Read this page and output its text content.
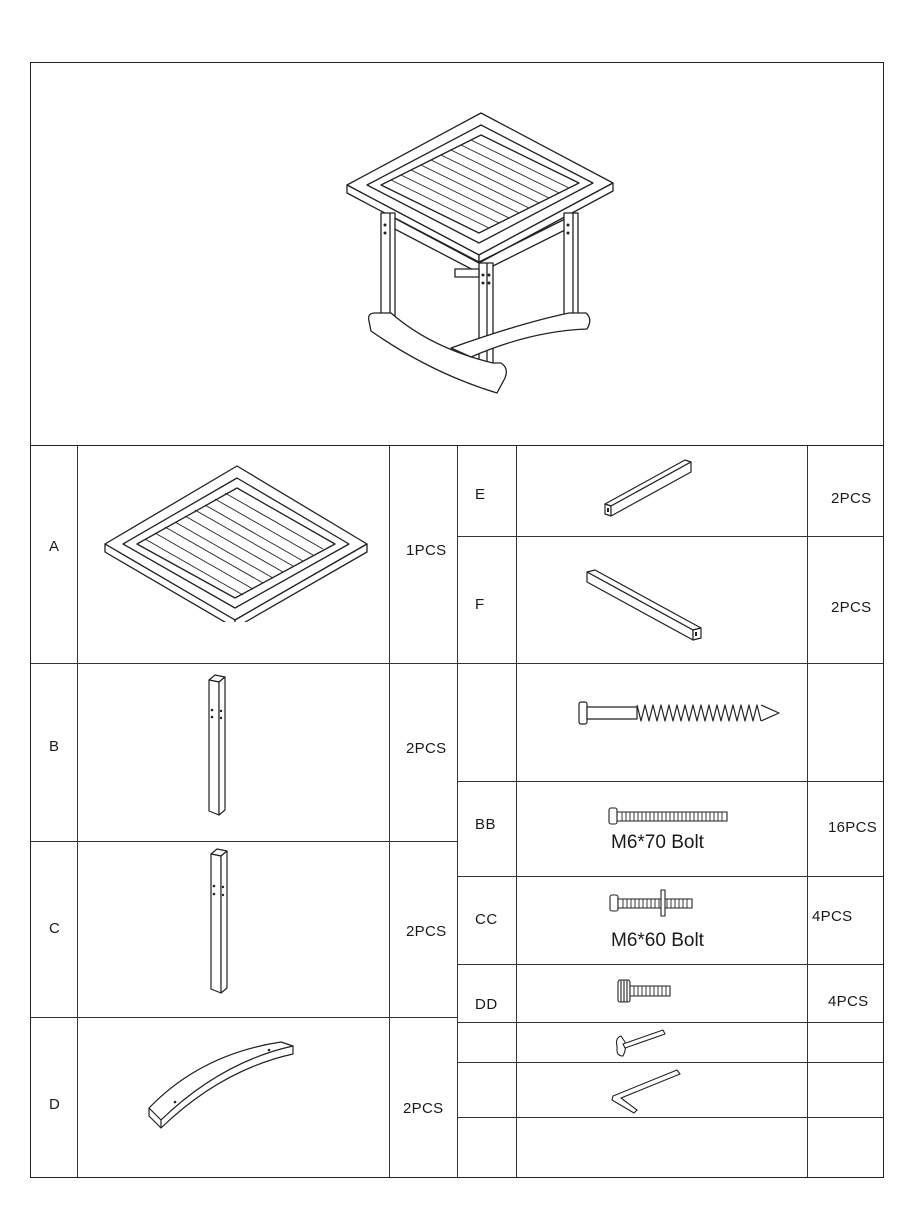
A	1PCS
B	2PCS
C	2PCS
D	2PCS
E	2PCS
F	2PCS
BB	16PCS
M6*70 Bolt
CC	4PCS
M6*60 Bolt
DD	4PCS
